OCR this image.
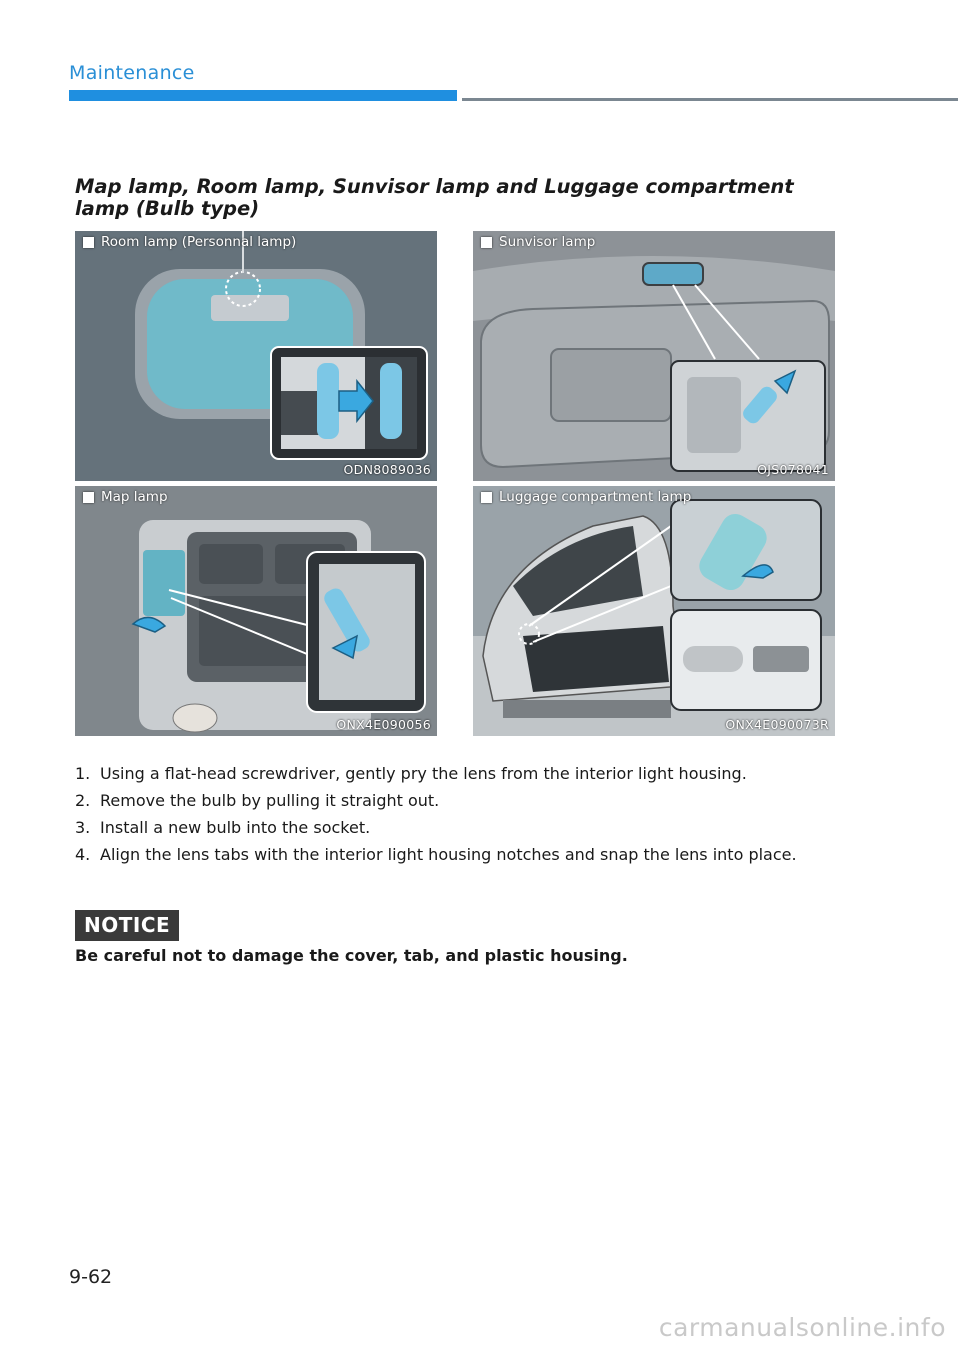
Maintenance
Map lamp, Room lamp, Sunvisor lamp and Luggage compartment lamp (Bulb type)
Room lamp (Personnal lamp)
ODN8089036
Sunvisor lamp
OJS078041
Map lamp
ONX4E090056
Luggage compartment lamp
ONX4E090073R
1. Using a flat-head screwdriver, gently pry the lens from the interior light housing.
2. Remove the bulb by pulling it straight out.
3. Install a new bulb into the socket.
4. Align the lens tabs with the interior light housing notches and snap the lens into place.
NOTICE
Be careful not to damage the cover, tab, and plastic housing.
9-62
carmanualsonline.info
